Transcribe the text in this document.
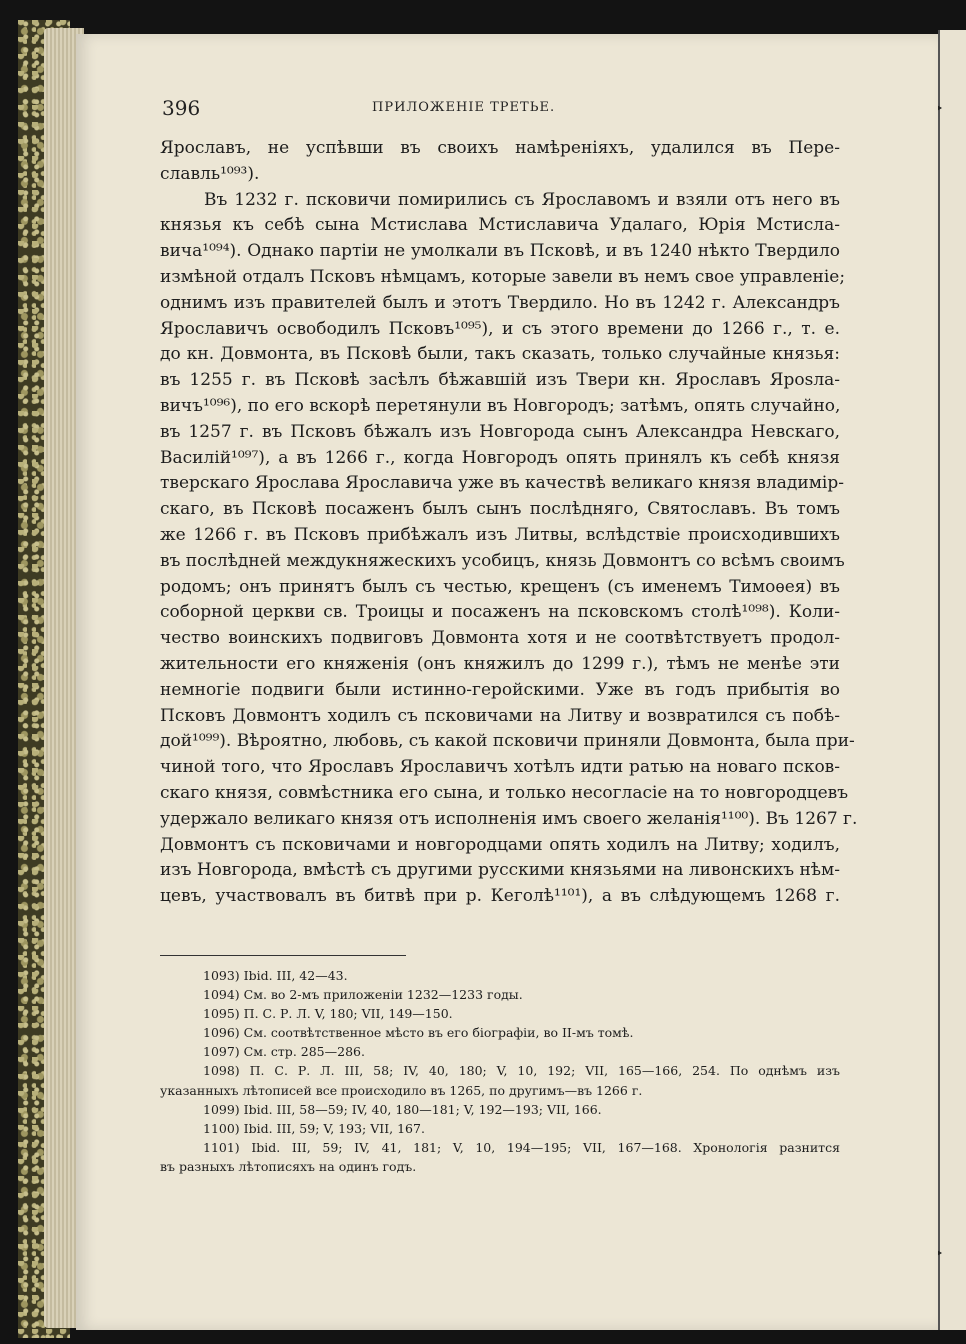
396	ПРИЛОЖЕНІЕ ТРЕТЬЕ.
Ярославъ, не успѣвши въ своихъ намѣреніяхъ, удалился въ Пере-
славль¹⁰⁹³).
Въ 1232 г. псковичи помирились съ Ярославомъ и взяли отъ него въ
князья къ себѣ сына Мстислава Мстиславича Удалаго, Юрія Мстисла-
вича¹⁰⁹⁴). Однако партіи не умолкали въ Псковѣ, и въ 1240 нѣкто Твердило
измѣной отдалъ Псковъ нѣмцамъ, которые завели въ немъ свое управленіе;
однимъ изъ правителей былъ и этотъ Твердило. Но въ 1242 г. Александръ
Ярославичъ освободилъ Псковъ¹⁰⁹⁵), и съ этого времени до 1266 г., т. е.
до кн. Довмонта, въ Псковѣ были, такъ сказать, только случайные князья:
въ 1255 г. въ Псковѣ засѣлъ бѣжавшій изъ Твери кн. Ярославъ Ярosла-
вичъ¹⁰⁹⁶), по его вскорѣ перетянули въ Новгородъ; затѣмъ, опять случайно,
въ 1257 г. въ Псковъ бѣжалъ изъ Новгорода сынъ Александра Невскаго,
Василій¹⁰⁹⁷), а въ 1266 г., когда Новгородъ опять принялъ къ себѣ князя
тверскаго Ярослава Ярославича уже въ качествѣ великаго князя владимір-
скаго, въ Псковѣ посаженъ былъ сынъ послѣдняго, Святославъ. Въ томъ
же 1266 г. въ Псковъ прибѣжалъ изъ Литвы, вслѣдствіе происходившихъ
въ послѣдней междукняжескихъ усобицъ, князь Довмонтъ со всѣмъ своимъ
родомъ; онъ принятъ былъ съ честью, крещенъ (съ именемъ Тимоѳея) въ
соборной церкви св. Троицы и посаженъ на псковскомъ столѣ¹⁰⁹⁸). Коли-
чество воинскихъ подвиговъ Довмонта хотя и не соотвѣтствуетъ продол-
жительности его княженія (онъ княжилъ до 1299 г.), тѣмъ не менѣе эти
немногіе подвиги были истинно-геройскими. Уже въ годъ прибытія во
Псковъ Довмонтъ ходилъ съ псковичами на Литву и возвратился съ побѣ-
дой¹⁰⁹⁹). Вѣроятно, любовь, съ какой псковичи приняли Довмонта, была при-
чиной того, что Ярославъ Ярославичъ хотѣлъ идти ратью на новаго псков-
скаго князя, совмѣстника его сына, и только несогласіе на то новгородцевъ
удержало великаго князя отъ исполненія имъ своего желанія¹¹⁰⁰). Въ 1267 г.
Довмонтъ съ псковичами и новгородцами опять ходилъ на Литву; ходилъ,
изъ Новгорода, вмѣстѣ съ другими русскими князьями на ливонскихъ нѣм-
цевъ, участвовалъ въ битвѣ при р. Кеголѣ¹¹⁰¹), а въ слѣдующемъ 1268 г.
1093) Ibid. III, 42—43.
1094) См. во 2-мъ приложеніи 1232—1233 годы.
1095) П. С. Р. Л. V, 180; VII, 149—150.
1096) См. соотвѣтственное мѣсто въ его біографіи, во II-мъ томѣ.
1097) См. стр. 285—286.
1098) П. С. Р. Л. III, 58; IV, 40, 180; V, 10, 192; VII, 165—166, 254. По однѣмъ изъ
указанныхъ лѣтописей все происходило въ 1265, по другимъ—въ 1266 г.
1099) Ibid. III, 58—59; IV, 40, 180—181; V, 192—193; VII, 166.
1100) Ibid. III, 59; V, 193; VII, 167.
1101) Ibid. III, 59; IV, 41, 181; V, 10, 194—195; VII, 167—168. Хронологія разнится
въ разныхъ лѣтописяхъ на одинъ годъ.
